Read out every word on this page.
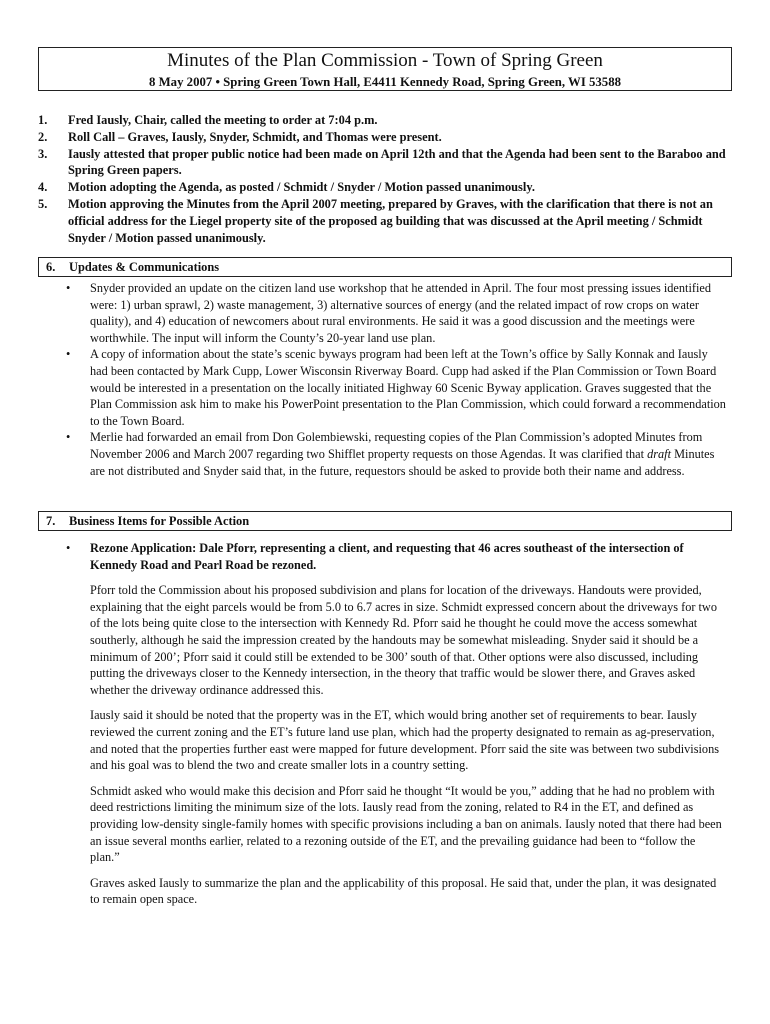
Minutes of the Plan Commission - Town of Spring Green
8 May 2007 • Spring Green Town Hall, E4411 Kennedy Road, Spring Green, WI 53588
1.	Fred Iausly, Chair, called the meeting to order at 7:04 p.m.
2.	Roll Call – Graves, Iausly, Snyder, Schmidt, and Thomas were present.
3.	Iausly attested that proper public notice had been made on April 12th and that the Agenda had been sent to the Baraboo and Spring Green papers.
4.	Motion adopting the Agenda, as posted / Schmidt / Snyder / Motion passed unanimously.
5.	Motion approving the Minutes from the April 2007 meeting, prepared by Graves, with the clarification that there is not an official address for the Liegel property site of the proposed ag building that was discussed at the April meeting / Schmidt Snyder / Motion passed unanimously.
6.	Updates & Communications
•	Snyder provided an update on the citizen land use workshop that he attended in April. The four most pressing issues identified were: 1) urban sprawl, 2) waste management, 3) alternative sources of energy (and the related impact of row crops on water quality), and 4) education of newcomers about rural environments. He said it was a good discussion and the meetings were worthwhile. The input will inform the County’s 20-year land use plan.
•	A copy of information about the state’s scenic byways program had been left at the Town’s office by Sally Konnak and Iausly had been contacted by Mark Cupp, Lower Wisconsin Riverway Board. Cupp had asked if the Plan Commission or Town Board would be interested in a presentation on the locally initiated Highway 60 Scenic Byway application. Graves suggested that the Plan Commission ask him to make his PowerPoint presentation to the Plan Commission, which could forward a recommendation to the Town Board.
•	Merlie had forwarded an email from Don Golembiewski, requesting copies of the Plan Commission’s adopted Minutes from November 2006 and March 2007 regarding two Shifflet property requests on those Agendas. It was clarified that draft Minutes are not distributed and Snyder said that, in the future, requestors should be asked to provide both their name and address.
7.	Business Items for Possible Action
•	Rezone Application: Dale Pforr, representing a client, and requesting that 46 acres southeast of the intersection of Kennedy Road and Pearl Road be rezoned.
Pforr told the Commission about his proposed subdivision and plans for location of the driveways. Handouts were provided, explaining that the eight parcels would be from 5.0 to 6.7 acres in size. Schmidt expressed concern about the driveways for two of the lots being quite close to the intersection with Kennedy Rd. Pforr said he thought he could move the access somewhat southerly, although he said the impression created by the handouts may be somewhat misleading. Snyder said it should be a minimum of 200’; Pforr said it could still be extended to be 300’ south of that. Other options were also discussed, including putting the driveways closer to the Kennedy intersection, in the theory that traffic would be slower there, and Graves asked whether the driveway ordinance addressed this.
Iausly said it should be noted that the property was in the ET, which would bring another set of requirements to bear. Iausly reviewed the current zoning and the ET’s future land use plan, which had the property designated to remain as ag-preservation, and noted that the properties further east were mapped for future development. Pforr said the site was between two subdivisions and his goal was to blend the two and create smaller lots in a country setting.
Schmidt asked who would make this decision and Pforr said he thought “It would be you,” adding that he had no problem with deed restrictions limiting the minimum size of the lots. Iausly read from the zoning, related to R4 in the ET, and defined as providing low-density single-family homes with specific provisions including a ban on animals. Iausly noted that there had been an issue several months earlier, related to a rezoning outside of the ET, and the prevailing guidance had been to “follow the plan.”
Graves asked Iausly to summarize the plan and the applicability of this proposal. He said that, under the plan, it was designated to remain open space.
